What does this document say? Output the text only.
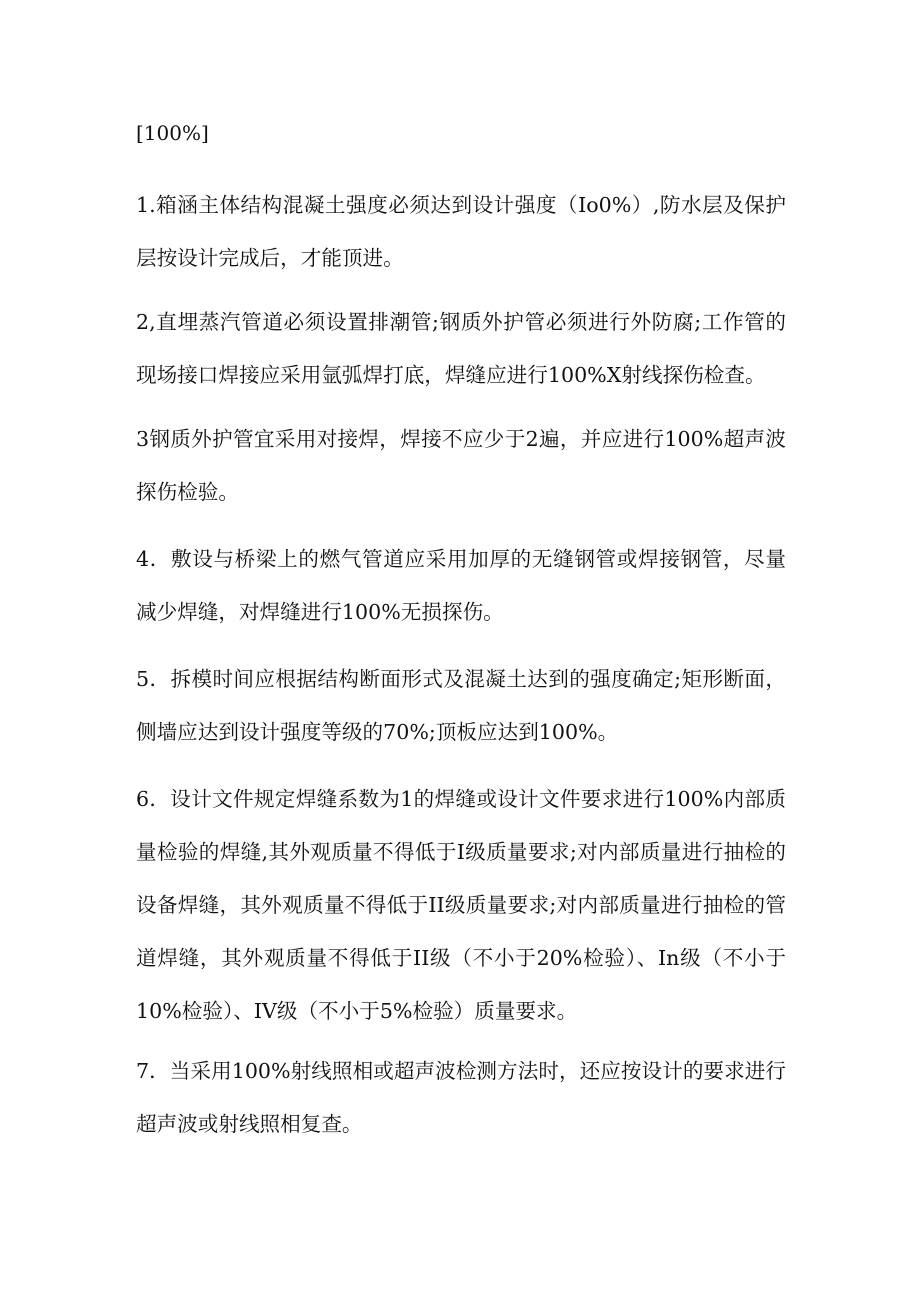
[100%]

1.箱涵主体结构混凝土强度必须达到设计强度（Io0%）,防水层及保护层按设计完成后，才能顶进。

2,直埋蒸汽管道必须设置排潮管;钢质外护管必须进行外防腐;工作管的现场接口焊接应采用氩弧焊打底，焊缝应进行100%X射线探伤检查。

3钢质外护管宜采用对接焊，焊接不应少于2遍，并应进行100%超声波探伤检验。

4．敷设与桥梁上的燃气管道应采用加厚的无缝钢管或焊接钢管，尽量减少焊缝，对焊缝进行100%无损探伤。

5．拆模时间应根据结构断面形式及混凝土达到的强度确定;矩形断面，侧墙应达到设计强度等级的70%;顶板应达到100%。

6．设计文件规定焊缝系数为1的焊缝或设计文件要求进行100%内部质量检验的焊缝,其外观质量不得低于I级质量要求;对内部质量进行抽检的设备焊缝，其外观质量不得低于II级质量要求;对内部质量进行抽检的管道焊缝，其外观质量不得低于II级（不小于20%检验）、In级（不小于10%检验）、IV级（不小于5%检验）质量要求。

7．当采用100%射线照相或超声波检测方法时，还应按设计的要求进行超声波或射线照相复查。
